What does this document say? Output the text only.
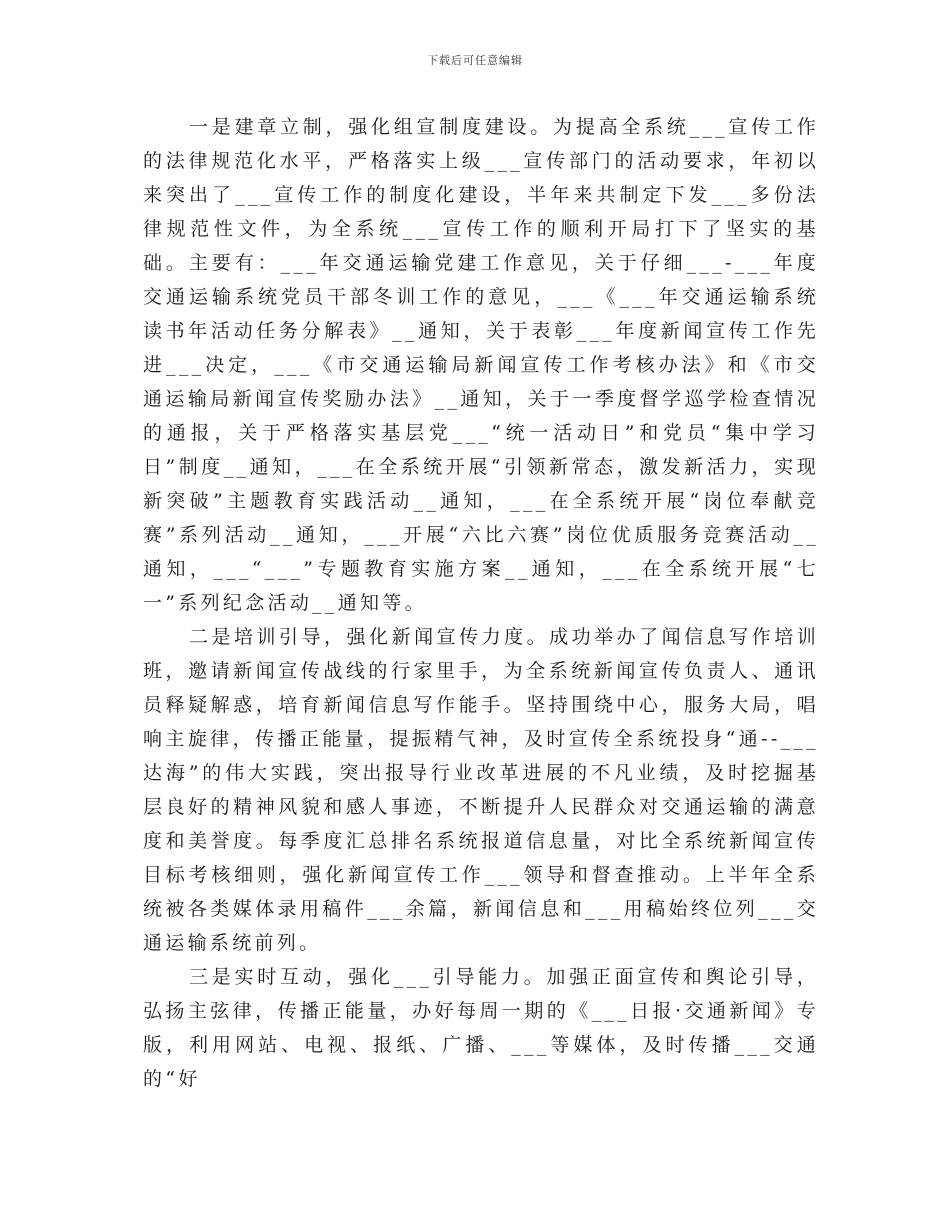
下载后可任意编辑

一是建章立制，强化组宣制度建设。为提高全系统___宣传工作的法律规范化水平，严格落实上级___宣传部门的活动要求，年初以来突出了___宣传工作的制度化建设，半年来共制定下发___多份法律规范性文件，为全系统___宣传工作的顺利开局打下了坚实的基础。主要有：___年交通运输党建工作意见，关于仔细___-___年度交通运输系统党员干部冬训工作的意见，___《___年交通运输系统读书年活动任务分解表》__通知，关于表彰___年度新闻宣传工作先进___决定，___《市交通运输局新闻宣传工作考核办法》和《市交通运输局新闻宣传奖励办法》__通知，关于一季度督学巡学检查情况的通报，关于严格落实基层党___“统一活动日”和党员“集中学习日”制度__通知，___在全系统开展“引领新常态，激发新活力，实现新突破”主题教育实践活动__通知，___在全系统开展“岗位奉献竞赛”系列活动__通知，___开展“六比六赛”岗位优质服务竞赛活动__通知，___“___”专题教育实施方案__通知，___在全系统开展“七一”系列纪念活动__通知等。

二是培训引导，强化新闻宣传力度。成功举办了闻信息写作培训班，邀请新闻宣传战线的行家里手，为全系统新闻宣传负责人、通讯员释疑解惑，培育新闻信息写作能手。坚持围绕中心，服务大局，唱响主旋律，传播正能量，提振精气神，及时宣传全系统投身“通--___达海”的伟大实践，突出报导行业改革进展的不凡业绩，及时挖掘基层良好的精神风貌和感人事迹，不断提升人民群众对交通运输的满意度和美誉度。每季度汇总排名系统报道信息量，对比全系统新闻宣传目标考核细则，强化新闻宣传工作___领导和督查推动。上半年全系统被各类媒体录用稿件___余篇，新闻信息和___用稿始终位列___交通运输系统前列。

三是实时互动，强化___引导能力。加强正面宣传和舆论引导，弘扬主弦律，传播正能量，办好每周一期的《___日报·交通新闻》专版，利用网站、电视、报纸、广播、___等媒体，及时传播___交通的“好
